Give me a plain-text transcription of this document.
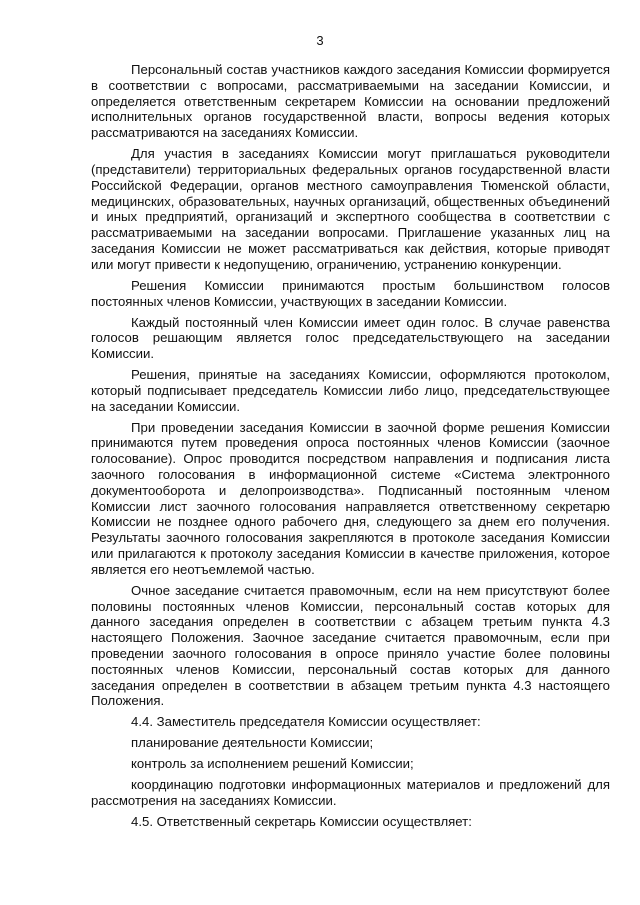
3

Персональный состав участников каждого заседания Комиссии формируется в соответствии с вопросами, рассматриваемыми на заседании Комиссии, и определяется ответственным секретарем Комиссии на основании предложений исполнительных органов государственной власти, вопросы ведения которых рассматриваются на заседаниях Комиссии.

Для участия в заседаниях Комиссии могут приглашаться руководители (представители) территориальных федеральных органов государственной власти Российской Федерации, органов местного самоуправления Тюменской области, медицинских, образовательных, научных организаций, общественных объединений и иных предприятий, организаций и экспертного сообщества в соответствии с рассматриваемыми на заседании вопросами. Приглашение указанных лиц на заседания Комиссии не может рассматриваться как действия, которые приводят или могут привести к недопущению, ограничению, устранению конкуренции.

Решения Комиссии принимаются простым большинством голосов постоянных членов Комиссии, участвующих в заседании Комиссии.

Каждый постоянный член Комиссии имеет один голос. В случае равенства голосов решающим является голос председательствующего на заседании Комиссии.

Решения, принятые на заседаниях Комиссии, оформляются протоколом, который подписывает председатель Комиссии либо лицо, председательствующее на заседании Комиссии.

При проведении заседания Комиссии в заочной форме решения Комиссии принимаются путем проведения опроса постоянных членов Комиссии (заочное голосование). Опрос проводится посредством направления и подписания листа заочного голосования в информационной системе «Система электронного документооборота и делопроизводства». Подписанный постоянным членом Комиссии лист заочного голосования направляется ответственному секретарю Комиссии не позднее одного рабочего дня, следующего за днем его получения. Результаты заочного голосования закрепляются в протоколе заседания Комиссии или прилагаются к протоколу заседания Комиссии в качестве приложения, которое является его неотъемлемой частью.

Очное заседание считается правомочным, если на нем присутствуют более половины постоянных членов Комиссии, персональный состав которых для данного заседания определен в соответствии с абзацем третьим пункта 4.3 настоящего Положения. Заочное заседание считается правомочным, если при проведении заочного голосования в опросе приняло участие более половины постоянных членов Комиссии, персональный состав которых для данного заседания определен в соответствии в абзацем третьим пункта 4.3 настоящего Положения.

4.4. Заместитель председателя Комиссии осуществляет:

планирование деятельности Комиссии;

контроль за исполнением решений Комиссии;

координацию подготовки информационных материалов и предложений для рассмотрения на заседаниях Комиссии.

4.5. Ответственный секретарь Комиссии осуществляет:
